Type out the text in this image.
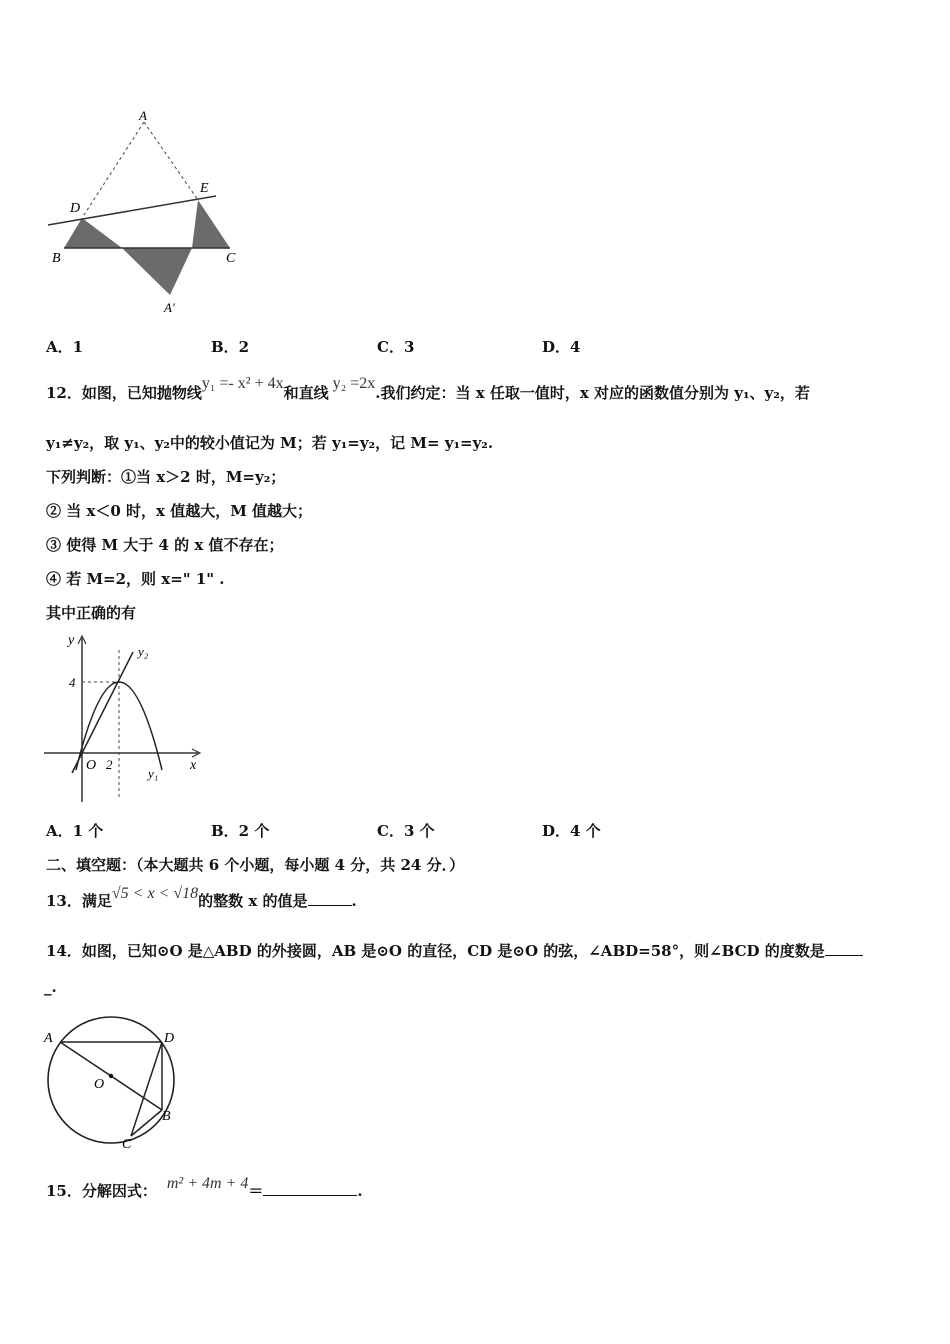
A
D
E
B	C
A′
A．1	B．2	C．3	D．4
12．如图，已知抛物线y₁ =- x² + 4x和直线y₂ =2x.我们约定：当 x 任取一值时，x 对应的函数值分别为 y₁、y₂，若
y₁≠y₂，取 y₁、y₂中的较小值记为 M；若 y₁=y₂，记 M= y₁=y₂.
下列判断：①当 x＞2 时，M=y₂；
② 当 x＜0 时，x 值越大，M 值越大；
③ 使得 M 大于 4 的 x 值不存在；
④ 若 M=2，则 x=" 1" .
其中正确的有
y
x
O 2
4
y₂
y₁
A．1 个	B．2 个	C．3 个	D．4 个
二、填空题：（本大题共 6 个小题，每小题 4 分，共 24 分．）
13．满足√5 < x < √18的整数 x 的值是	.
14．如图，已知⊙O 是△ABD 的外接圆，AB 是⊙O 的直径，CD 是⊙O 的弦，∠ABD=58°，则∠BCD 的度数是
_.
A	D
O
B
C
15．分解因式： m² + 4m + 4＝	.
